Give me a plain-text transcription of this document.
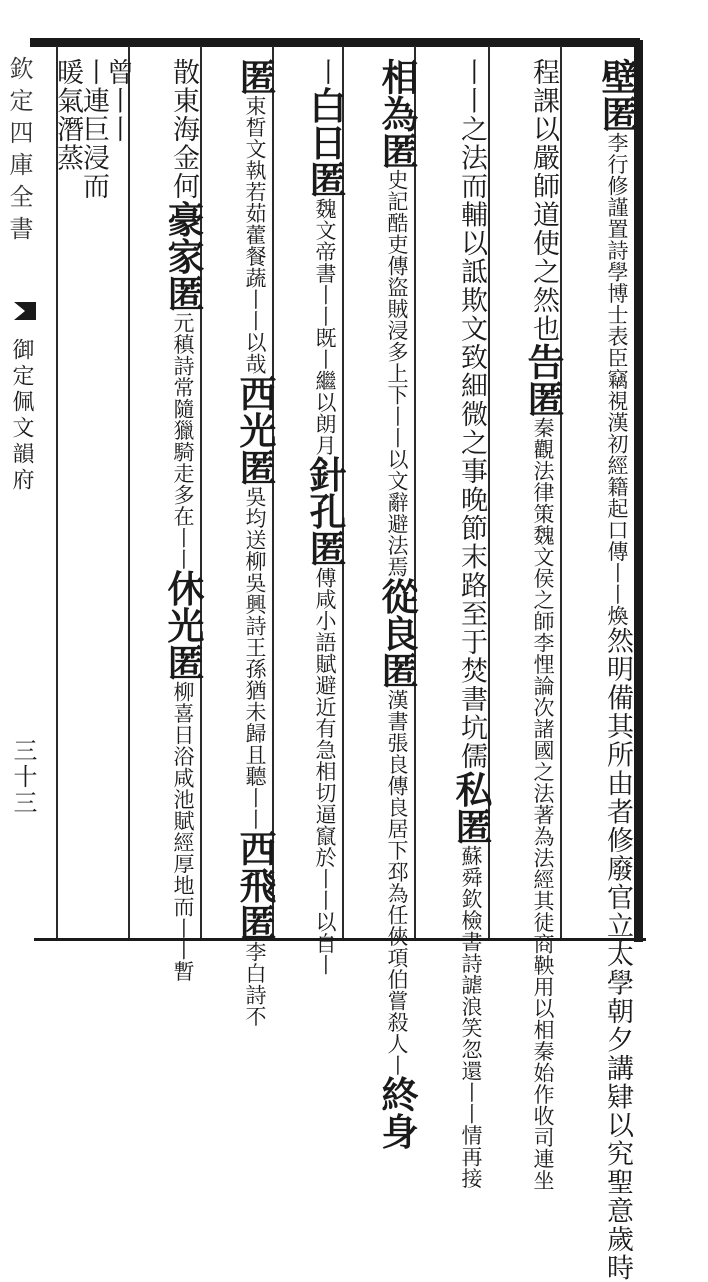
欽定四庫全書
御定佩文韻府
三十三
壁匿李行修謹置詩學博士表臣竊視漢初經籍起口傳丨丨煥然明備其所由者修廢官立太學朝夕講肄以究聖意歲時
程課以嚴師道使之然也告匿秦觀法律策魏文侯之師李悝論次諸國之法著為法經其徒商鞅用以相秦始作收司連坐
丨丨之法而輔以詆欺文致細微之事晚節末路至于焚書坑儒私匿蘇舜欽檢書詩謔浪笑忽還丨丨情再接
相為匿史記酷吏傳盜賊浸多上下丨丨以文辭避法焉從良匿漢書張良傳良居下邳為任俠項伯嘗殺人丨終身
丨白日匿魏文帝書丨丨既丨繼以朗月針孔匿傅咸小語賦避近有急相切逼竄於丨丨以自丨
匿束晳文執若茹藿餐蔬丨丨以哉西光匿吳均送柳吳興詩王孫猶未歸且聽丨丨西飛匿李白詩不
散東海金何豪家匿元稹詩常隨獵騎走多在丨丨休光匿柳喜日浴咸池賦經厚地而丨丨暫
曾丨丨
丨連巨浸而
暖氣潛蒸
